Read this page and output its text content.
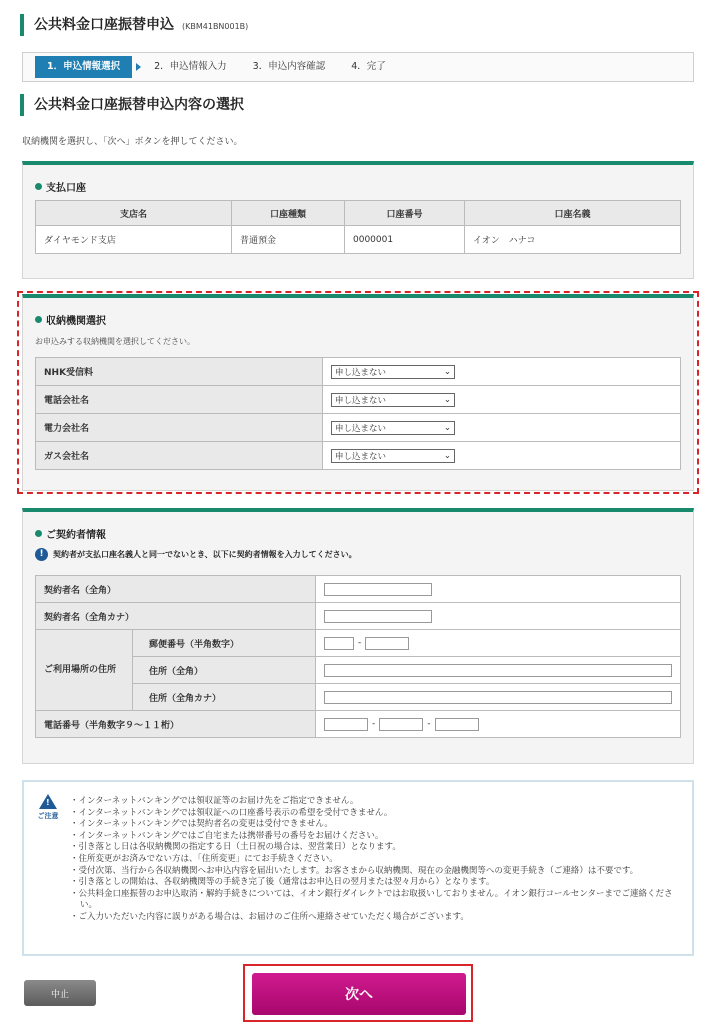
公共料金口座振替申込 (KBM41BN001B)
1．申込情報選択	2．申込情報入力	3．申込内容確認	4．完了
公共料金口座振替申込内容の選択
収納機関を選択し、「次へ」ボタンを押してください。
支払口座
支店名	口座種類	口座番号	口座名義
ダイヤモンド支店	普通預金	0000001	イオン　ハナコ
収納機関選択
お申込みする収納機関を選択してください。
NHK受信料	申し込まない ⌄

電話会社名	申し込まない ⌄

電力会社名	申し込まない ⌄

ガス会社名	申し込まない ⌄
ご契約者情報
!	契約者が支払口座名義人と同一でないとき、以下に契約者情報を入力してください。
契約者名（全角）		
契約者名（全角カナ）		
ご利用場所の住所	郵便番号（半角数字）	-
	住所（全角）	
	住所（全角カナ）	
電話番号（半角数字９～１１桁）		- -
!
ご注意
・インターネットバンキングでは領収証等のお届け先をご指定できません。
・インターネットバンキングでは領収証への口座番号表示の希望を受付できません。
・インターネットバンキングでは契約者名の変更は受付できません。
・インターネットバンキングではご自宅または携帯番号の番号をお届けください。
・引き落とし日は各収納機関の指定する日（土日祝の場合は、翌営業日）となります。
・住所変更がお済みでない方は、「住所変更」にてお手続きください。
・受付次第、当行から各収納機関へお申込内容を届出いたします。お客さまから収納機関、現在の金融機関等への変更手続き（ご連絡）は不要です。
・引き落としの開始は、各収納機関等の手続き完了後（通常はお申込日の翌月または翌々月から）となります。
・公共料金口座振替のお申込取消・解約手続きについては、イオン銀行ダイレクトではお取扱いしておりません。イオン銀行コールセンターまでご連絡ください。
・ご入力いただいた内容に誤りがある場合は、お届けのご住所へ連絡させていただく場合がございます。
中止	次へ
